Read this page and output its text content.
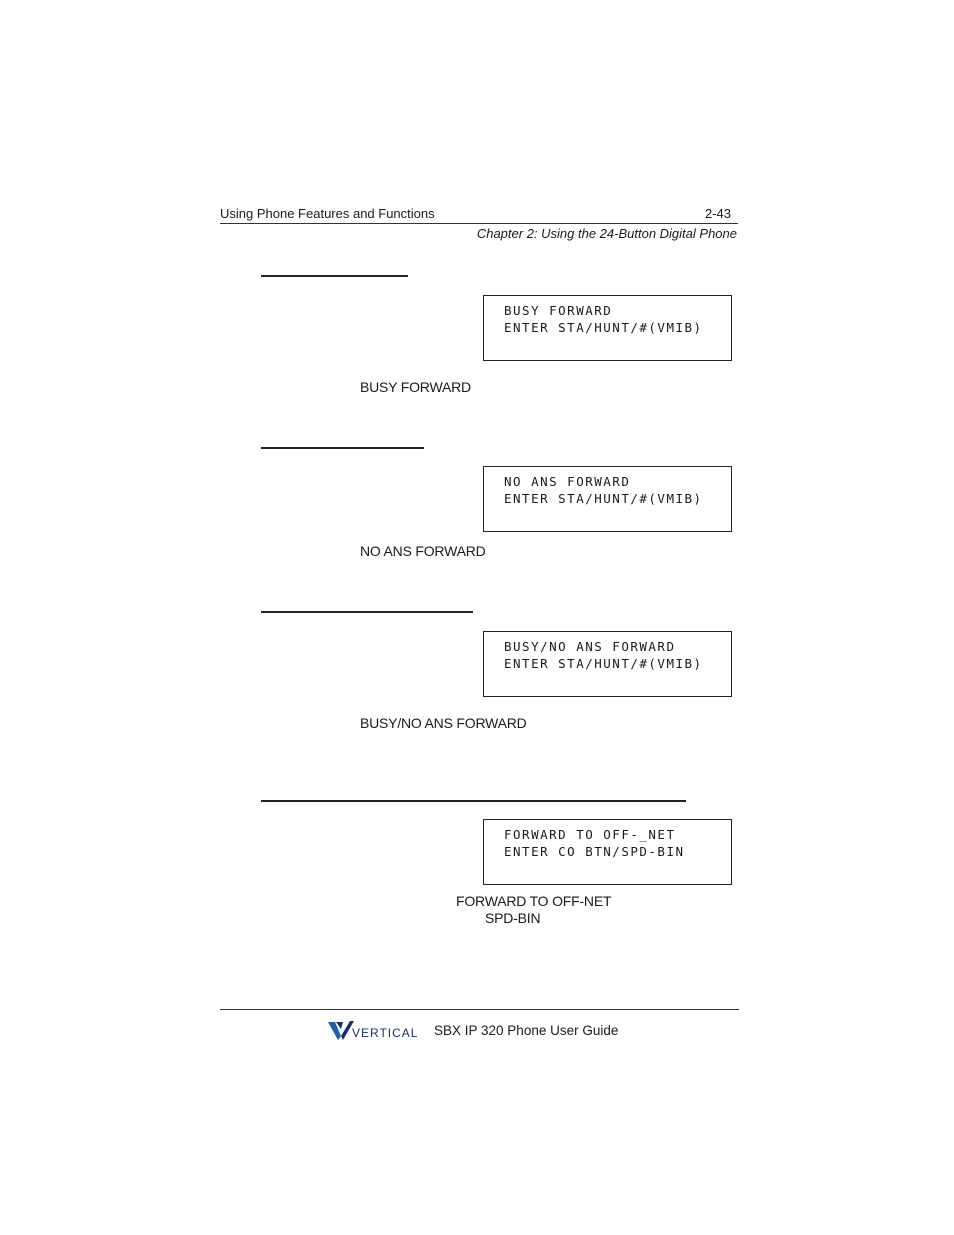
Using Phone Features and Functions	2-43
Chapter 2: Using the 24-Button Digital Phone
BUSY FORWARD
ENTER STA/HUNT/#(VMIB)
BUSY FORWARD
NO ANS FORWARD
ENTER STA/HUNT/#(VMIB)
NO ANS FORWARD
BUSY/NO ANS FORWARD
ENTER STA/HUNT/#(VMIB)
BUSY/NO ANS FORWARD
FORWARD TO OFF-_NET
ENTER CO BTN/SPD-BIN
FORWARD TO OFF-NET
SPD-BIN
VERTICAL SBX IP 320 Phone User Guide
